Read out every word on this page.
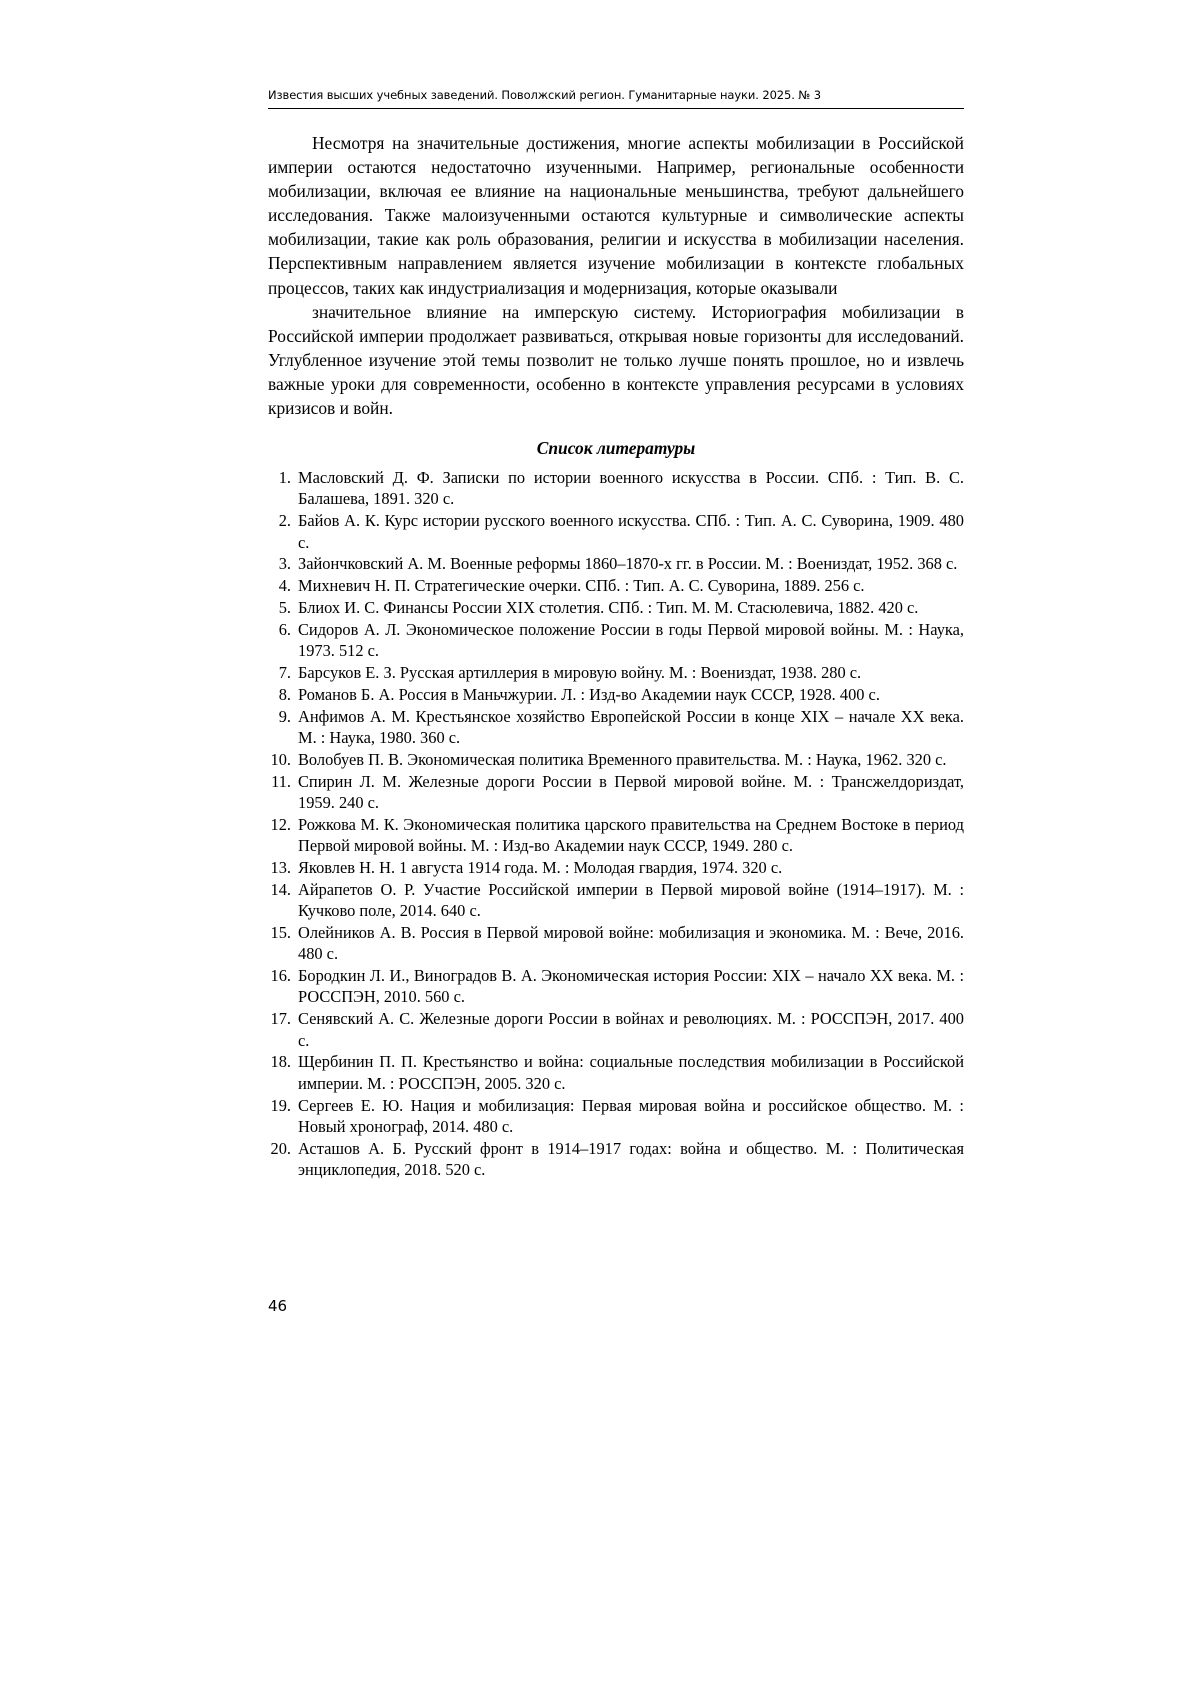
Известия высших учебных заведений. Поволжский регион. Гуманитарные науки. 2025. № 3

Несмотря на значительные достижения, многие аспекты мобилизации в Российской империи остаются недостаточно изученными. Например, региональные особенности мобилизации, включая ее влияние на национальные меньшинства, требуют дальнейшего исследования. Также малоизученными остаются культурные и символические аспекты мобилизации, такие как роль образования, религии и искусства в мобилизации населения. Перспективным направлением является изучение мобилизации в контексте глобальных процессов, таких как индустриализация и модернизация, которые оказывали

значительное влияние на имперскую систему. Историография мобилизации в Российской империи продолжает развиваться, открывая новые горизонты для исследований. Углубленное изучение этой темы позволит не только лучше понять прошлое, но и извлечь важные уроки для современности, особенно в контексте управления ресурсами в условиях кризисов и войн.

Список литературы
1. Масловский Д. Ф. Записки по истории военного искусства в России. СПб. : Тип. В. С. Балашева, 1891. 320 с.
2. Байов А. К. Курс истории русского военного искусства. СПб. : Тип. А. С. Суворина, 1909. 480 с.
3. Зайончковский А. М. Военные реформы 1860–1870-х гг. в России. М. : Воениздат, 1952. 368 с.
4. Михневич Н. П. Стратегические очерки. СПб. : Тип. А. С. Суворина, 1889. 256 с.
5. Блиох И. С. Финансы России XIX столетия. СПб. : Тип. М. М. Стасюлевича, 1882. 420 с.
6. Сидоров А. Л. Экономическое положение России в годы Первой мировой войны. М. : Наука, 1973. 512 с.
7. Барсуков Е. З. Русская артиллерия в мировую войну. М. : Воениздат, 1938. 280 с.
8. Романов Б. А. Россия в Маньчжурии. Л. : Изд-во Академии наук СССР, 1928. 400 с.
9. Анфимов А. М. Крестьянское хозяйство Европейской России в конце XIX – начале XX века. М. : Наука, 1980. 360 с.
10. Волобуев П. В. Экономическая политика Временного правительства. М. : Наука, 1962. 320 с.
11. Спирин Л. М. Железные дороги России в Первой мировой войне. М. : Трансжелдориздат, 1959. 240 с.
12. Рожкова М. К. Экономическая политика царского правительства на Среднем Востоке в период Первой мировой войны. М. : Изд-во Академии наук СССР, 1949. 280 с.
13. Яковлев Н. Н. 1 августа 1914 года. М. : Молодая гвардия, 1974. 320 с.
14. Айрапетов О. Р. Участие Российской империи в Первой мировой войне (1914–1917). М. : Кучково поле, 2014. 640 с.
15. Олейников А. В. Россия в Первой мировой войне: мобилизация и экономика. М. : Вече, 2016. 480 с.
16. Бородкин Л. И., Виноградов В. А. Экономическая история России: XIX – начало XX века. М. : РОССПЭН, 2010. 560 с.
17. Сенявский А. С. Железные дороги России в войнах и революциях. М. : РОССПЭН, 2017. 400 с.
18. Щербинин П. П. Крестьянство и война: социальные последствия мобилизации в Российской империи. М. : РОССПЭН, 2005. 320 с.
19. Сергеев Е. Ю. Нация и мобилизация: Первая мировая война и российское общество. М. : Новый хронограф, 2014. 480 с.
20. Асташов А. Б. Русский фронт в 1914–1917 годах: война и общество. М. : Политическая энциклопедия, 2018. 520 с.
46
